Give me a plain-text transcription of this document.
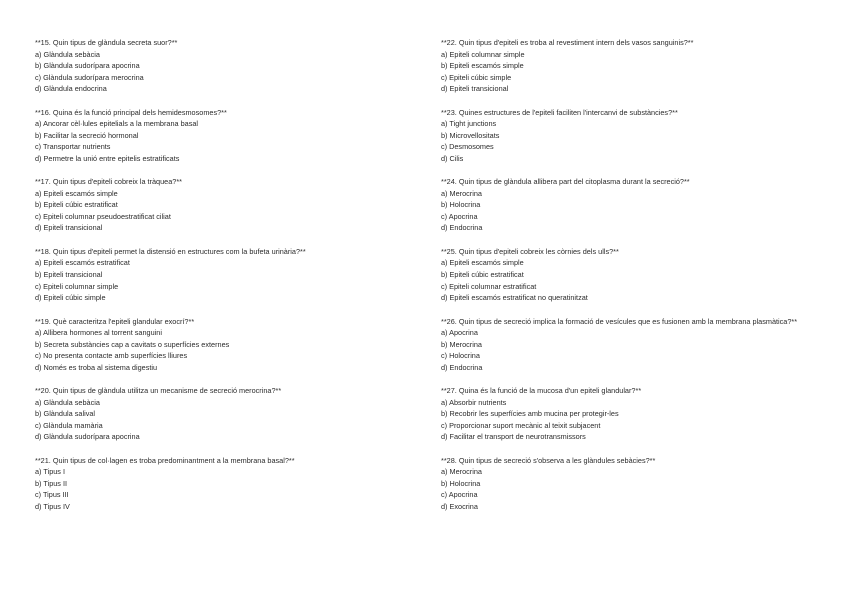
**15. Quin tipus de glàndula secreta suor?**
a) Glàndula sebàcia
b) Glàndula sudorípara apocrina
c) Glàndula sudorípara merocrina
d) Glàndula endocrina
**16. Quina és la funció principal dels hemidesmosomes?**
a) Ancorar cèl·lules epitelials a la membrana basal
b) Facilitar la secreció hormonal
c) Transportar nutrients
d) Permetre la unió entre epitelis estratificats
**17. Quin tipus d'epiteli cobreix la tràquea?**
a) Epiteli escamós simple
b) Epiteli cúbic estratificat
c) Epiteli columnar pseudoestratificat ciliat
d) Epiteli transicional
**18. Quin tipus d'epiteli permet la distensió en estructures com la bufeta urinària?**
a) Epiteli escamós estratificat
b) Epiteli transicional
c) Epiteli columnar simple
d) Epiteli cúbic simple
**19. Què caracteritza l'epiteli glandular exocrí?**
a) Allibera hormones al torrent sanguini
b) Secreta substàncies cap a cavitats o superfícies externes
c) No presenta contacte amb superfícies lliures
d) Només es troba al sistema digestiu
**20. Quin tipus de glàndula utilitza un mecanisme de secreció merocrina?**
a) Glàndula sebàcia
b) Glàndula salival
c) Glàndula mamària
d) Glàndula sudorípara apocrina
**21. Quin tipus de col·lagen es troba predominantment a la membrana basal?**
a) Tipus I
b) Tipus II
c) Tipus III
d) Tipus IV
**22. Quin tipus d'epiteli es troba al revestiment intern dels vasos sanguinis?**
a) Epiteli columnar simple
b) Epiteli escamós simple
c) Epiteli cúbic simple
d) Epiteli transicional
**23. Quines estructures de l'epiteli faciliten l'intercanvi de substàncies?**
a) Tight junctions
b) Microvellositats
c) Desmosomes
d) Cilis
**24. Quin tipus de glàndula allibera part del citoplasma durant la secreció?**
a) Merocrina
b) Holocrina
c) Apocrina
d) Endocrina
**25. Quin tipus d'epiteli cobreix les còrnies dels ulls?**
a) Epiteli escamós simple
b) Epiteli cúbic estratificat
c) Epiteli columnar estratificat
d) Epiteli escamós estratificat no queratinitzat
**26. Quin tipus de secreció implica la formació de vesícules que es fusionen amb la membrana plasmàtica?**
a) Apocrina
b) Merocrina
c) Holocrina
d) Endocrina
**27. Quina és la funció de la mucosa d'un epiteli glandular?**
a) Absorbir nutrients
b) Recobrir les superfícies amb mucina per protegir-les
c) Proporcionar suport mecànic al teixit subjacent
d) Facilitar el transport de neurotransmissors
**28. Quin tipus de secreció s'observa a les glàndules sebàcies?**
a) Merocrina
b) Holocrina
c) Apocrina
d) Exocrina
